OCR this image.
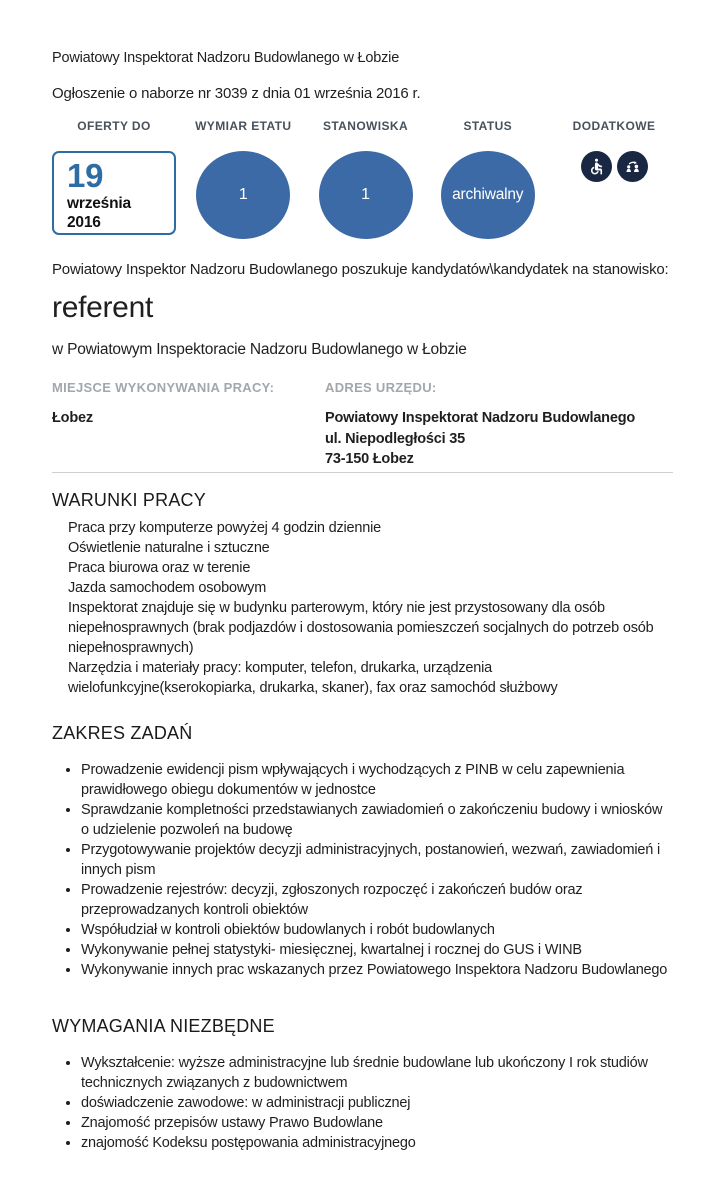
Powiatowy Inspektorat Nadzoru Budowlanego w Łobzie
Ogłoszenie o naborze nr 3039 z dnia 01 września 2016 r.
OFERTY DO
19
września
2016
WYMIAR ETATU
1
STANOWISKA
1
STATUS
archiwalny
DODATKOWE
Powiatowy Inspektor Nadzoru Budowlanego poszukuje kandydatów\kandydatek na stanowisko:
referent
w Powiatowym Inspektoracie Nadzoru Budowlanego w Łobzie
MIEJSCE WYKONYWANIA PRACY:
Łobez
ADRES URZĘDU:
Powiatowy Inspektorat Nadzoru Budowlanego
ul. Niepodległości 35
73-150 Łobez
WARUNKI PRACY
Praca przy komputerze powyżej 4 godzin dziennie
Oświetlenie naturalne i sztuczne
Praca biurowa oraz w terenie
Jazda samochodem osobowym
Inspektorat znajduje się w budynku parterowym, który nie jest przystosowany dla osób niepełnosprawnych (brak podjazdów i dostosowania pomieszczeń socjalnych do potrzeb osób niepełnosprawnych)
Narzędzia i materiały pracy: komputer, telefon, drukarka, urządzenia wielofunkcyjne(kserokopiarka, drukarka, skaner), fax oraz samochód służbowy
ZAKRES ZADAŃ
• Prowadzenie ewidencji pism wpływających i wychodzących z PINB w celu zapewnienia prawidłowego obiegu dokumentów w jednostce
• Sprawdzanie kompletności przedstawianych zawiadomień o zakończeniu budowy i wniosków o udzielenie pozwoleń na budowę
• Przygotowywanie projektów decyzji administracyjnych, postanowień, wezwań, zawiadomień i innych pism
• Prowadzenie rejestrów: decyzji, zgłoszonych rozpoczęć i zakończeń budów oraz przeprowadzanych kontroli obiektów
• Współudział w kontroli obiektów budowlanych i robót budowlanych
• Wykonywanie pełnej statystyki- miesięcznej, kwartalnej i rocznej do GUS i WINB
• Wykonywanie innych prac wskazanych przez Powiatowego Inspektora Nadzoru Budowlanego
WYMAGANIA NIEZBĘDNE
• Wykształcenie: wyższe administracyjne lub średnie budowlane lub ukończony I rok studiów technicznych związanych z budownictwem
• doświadczenie zawodowe: w administracji publicznej
• Znajomość przepisów ustawy Prawo Budowlane
• znajomość Kodeksu postępowania administracyjnego
